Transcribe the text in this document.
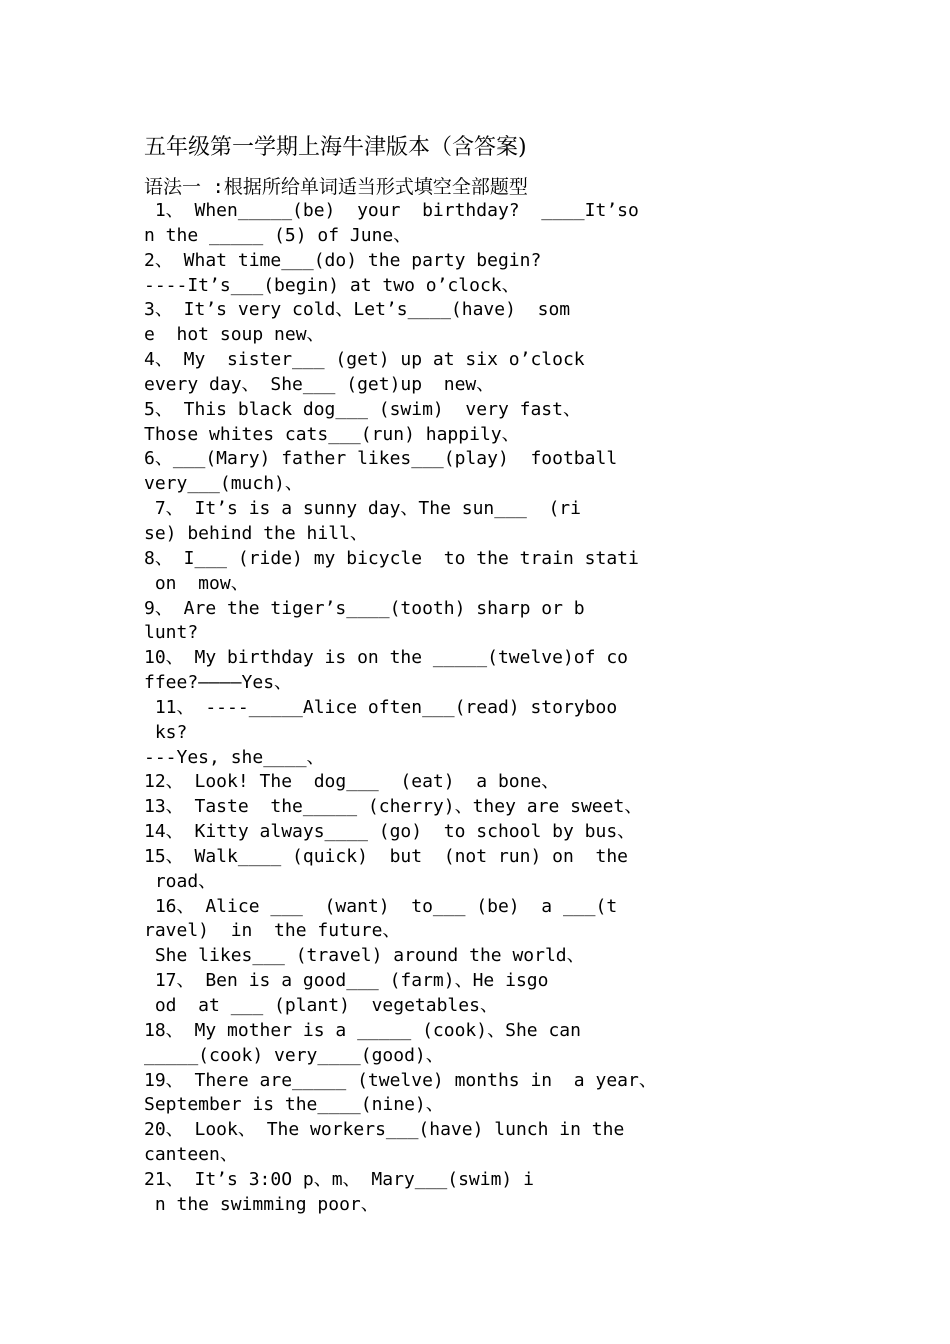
五年级第一学期上海牛津版本（含答案)
语法一 :根据所给单词适当形式填空全部题型
1、 When_____(be)  your  birthday?  ____It’so
n the _____ (5) of June、
2、 What time___(do) the party begin?
----It’s___(begin) at two o’clock、
3、 It’s very cold、Let’s____(have)  som
e  hot soup new、
4、 My  sister___ (get) up at six o’clock
every day、 She___ (get)up  new、
5、 This black dog___ (swim)  very fast、
Those whites cats___(run) happily、
6、___(Mary) father likes___(play)  football
very___(much)、
7、 It’s is a sunny day、The sun___  (ri
se) behind the hill、
8、 I___ (ride) my bicycle  to the train stati
on  mow、
9、 Are the tiger’s____(tooth) sharp or b
lunt?
10、 My birthday is on the _____(twelve)of co
ffee?————Yes、
11、 ----_____Alice often___(read) storyboo
ks?
---Yes, she____、
12、 Look! The  dog___  (eat)  a bone、
13、 Taste  the_____ (cherry)、they are sweet、
14、 Kitty always____ (go)  to school by bus、
15、 Walk____ (quick)  but  (not run) on  the
road、
16、 Alice ___  (want)  to___ (be)  a ___(t
ravel)  in  the future、
She likes___ (travel) around the world、
17、 Ben is a good___ (farm)、He isgo
od  at ___ (plant)  vegetables、
18、 My mother is a _____ (cook)、She can
_____(cook) very____(good)、
19、 There are_____ (twelve) months in  a year、
September is the____(nine)、
20、 Look、 The workers___(have) lunch in the
canteen、
21、 It’s 3:0O p、m、 Mary___(swim) i
n the swimming poor、
